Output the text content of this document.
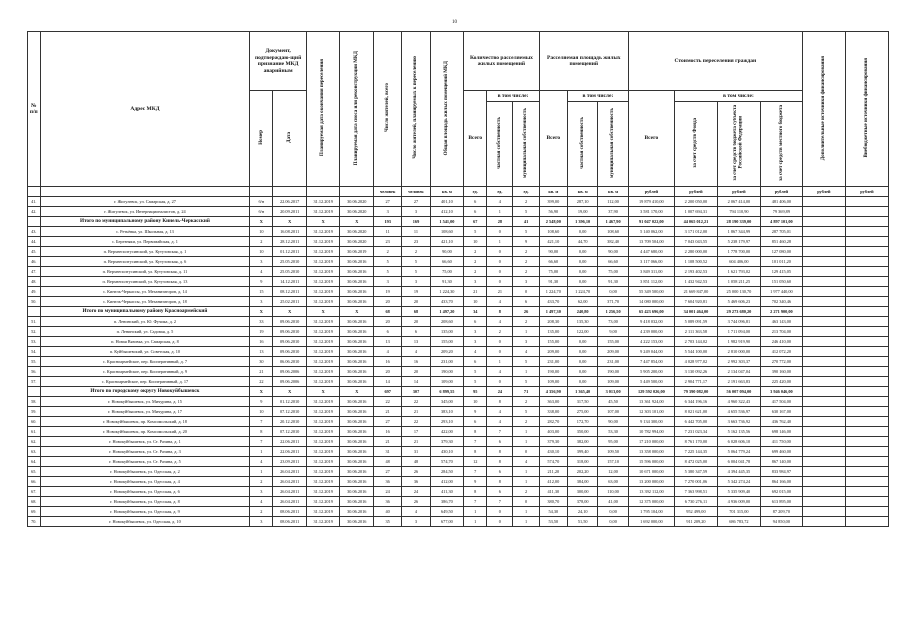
10
№ п/п	Адрес МКД	Документ, подтверждаю-щий признание МКД аварийным		Планируемая дата окончания переселения	Планируемая дата сноса или реконструкции МКД	Число жителей, всего	Число жителей, планируемых к переселению	Общая площадь жилых помещений МКД	Количество расселяемых жилых помещений			Расселяемая площадь жилых помещений			Стоимость переселения граждан				Дополнительные источники финансирования	Внебюджетные источники финансирования
		Номер	Дата						Всего	в том числе:		Всего	в том числе:		Всего	в том числе:				
										частная собственность	муниципальная собственность		частная собственность	муниципальная собственность		за счет средств Фонда	за счет средств бюджета субъекта Российской Федерации	за счет средств местного бюджета		
						человек	человек	кв. м	ед.	ед.	ед.	кв. м	кв. м	кв. м	рублей	рублей	рублей	рублей	рублей	рублей
41.	г. Жигулевск, ул. Самарская, д. 27	б/н	22.06.2017	31.12.2019	30.06.2020	27	27	401,10	6	4	2	399,00	287,10	112,00	19 879 410,00	2 200 050,00	2 067 414,00	481 406,00		
42.	г. Жигулевск, ул. Интернационалистов, д. 24	б/н	20.09.2011	31.12.2019	30.06.2020	3	3	412,10	6	1	5	56,90	19,00	37,90	3 581 170,00	1 007 694,31	794 110,90	79 369,89		
	Итого по муниципальному району Кинель-Черкасский	X	X	X	X	193	169	1 541,00	67	28	41	2 548,00	1 396,10	1 467,90	91 047 022,00	44 065 012,21	28 190 339,00	4 897 101,00		
43.	с. Ретьёвка, ул. Школьная, д. 13	10	16.08.2011	31.12.2019	30.06.2020	11	11	108,60	5	0	5	108,60	0,00	108,60	5 140 062,00	3 171 012,00	1 867 344,99	287 705,01		
44.	с. Березняки, ул. Первомайская, д. 1	2	28.12.2011	31.12.2019	30.06.2020	23	23	421,10	10	1	9	421,10	44,70	382,40	13 709 504,00	7 043 043,55	5 238 179,97	851 460,28		
45.	п. Верхнеполтусинский, ул. Кутузовская, д. 1	10	01.12.2011	31.12.2019	30.06.2019	2	2	90,00	2	0	2	90,00	0,00	90,00	4 447 680,00	2 280 000,00	1 778 700,00	127 080,00		
46.	п. Верхнеполтусинский, ул. Кутузовская, д. 6	3	25.05.2010	31.12.2019	30.06.2016	5	5	66,60	2	0	2	66,60	0,00	66,60	3 117 066,00	1 108 500,52	604 406,00	101 011,20		
47.	п. Верхнеполтусинский, ул. Кутузовская, д. 11	4	25.05.2010	31.12.2019	30.06.2016	5	5	75,00	2	0	2	75,00	0,00	75,00	3 849 311,00	2 193 402,53	1 621 793,02	129 415,05		
48.	п. Верхнеполтусинский, ул. Кутузовская, д. 13	9	14.12.2011	31.12.2019	30.06.2016	3	3	91,30	3	0	3	91,30	0,00	91,30	3 851 112,00	1 432 942,53	1 058 211,25	151 050,60		
49.	с. Кинель-Черкассы, ул. Механизаторов, д. 14	15	08.12.2011	31.12.2019	30.06.2016	19	19	1 224,30	21	21	0	1 224,70	1 224,70	0,00	55 349 500,00	21 669 847,00	25 000 130,70	1 977 440,00		
50.	с. Кинель-Черкассы, ул. Механизаторов, д. 18	3	25.02.2011	31.12.2019	30.06.2016	20	20	433,70	10	4	6	433,70	62,00	371,70	14 080 000,00	7 604 920,81	5 469 606,23	702 340,46		
	Итого по муниципальному району Красноармейский	X	X	X	X	68	68	1 497,20	34	8	26	1 497,30	240,80	1 256,50	65 423 696,00	34 001 464,00	29 273 680,20	2 271 900,00		
51.	п. Ленинский, ул. Ю. Фучика, д. 2	33	09.06.2010	31.12.2019	30.06.2016	20	20	208,60	6	4	2	208,30	135,30	73,00	9 418 032,00	5 089 091,59	3 744 096,81	463 143,00		
52.	п. Ленинский, ул. Садовая, д. 5	19	09.06.2010	31.12.2019	30.06.2016	6	6	135,00	3	2	1	135,00	122,00	9,00	4 239 000,00	2 111 363,58	1 711 094,00	213 704,00		
53.	п. Новая Вязовка, ул. Самарская, д. 8	16	09.06.2010	31.12.2019	30.06.2016	13	13	155,00	3	0	3	155,00	0,00	155,00	4 222 153,00	2 703 144,02	1 982 919,90	246 410,00		
54.	п. Куйбышевский, ул. Советская, д. 10	13	09.06.2010	31.12.2019	30.06.2016	4	4	209,20	4	0	4	209,00	0,00	209,00	9 249 044,00	5 544 100,00	2 810 000,00	412 072,20		
55.	с. Красноармейское, пер. Кооперативный, д. 7	30	06.06.2010	31.12.2019	30.06.2016	16	16	231,00	6	1	5	231,00	0,00	231,00	7 447 854,00	4 028 977,02	2 992 303,37	270 772,00		
56.	с. Красноармейское, пер. Кооперативный, д. 9	21	09.06.2006	31.12.2019	30.06.2016	20	20	190,00	5	4	1	190,00	0,00	190,00	5 905 200,00	3 130 092,26	2 134 047,04	390 160,00		
57.	с. Красноармейское, пер. Кооперативный, д. 17	22	09.06.2006	31.12.2019	30.06.2016	14	14	109,00	5	0	5	109,00	0,00	109,00	5 449 500,00	2 904 771,17	2 191 663,83	225 420,00		
	Итого по городскому округу Новокуйбышевск	X	X	X	X	697	307	6 899,55	95	24	71	4 356,90	1 365,40	3 013,00	129 592 026,00	79 390 082,00	56 007 094,00	3 946 046,00		
58.	г. Новокуйбышевск, ул. Мичурина, д. 15	9	01.12.2010	31.12.2019	30.06.2016	22	22	345,00	10	8	2	363,00	317,50	45,50	13 361 924,00	6 344 196,16	4 960 322,43	417 504,00		
59.	г. Новокуйбышевск, ул. Мичурина, д. 17	10	07.12.2010	31.12.2019	30.06.2016	21	21	383,10	9	4	5	338,00	275,00	107,00	12 303 101,00	8 021 621,00	4 655 536,97	630 167,00		
60.	г. Новокуйбышевск, пр. Комсомольский, д. 18	7	20.12.2010	31.12.2019	30.06.2016	27	22	293,10	6	4	2	282,70	172,70	90,00	9 134 300,00	6 442 705,00	3 663 736,92	436 762,40		
61.	г. Новокуйбышевск, пр. Комсомольский, д. 20	8	07.12.2010	31.12.2019	30.06.2016	16	17	422,00	8	7	1	403,00	350,00	53,30	10 782 994,00	7 231 023,34	5 162 135,56	698 146,00		
62.	г. Новокуйбышевск, ул. Ст. Разина, д. 1	7	22.06.2011	31.12.2019	30.06.2016	21	21	379,30	7	6	1	379,30	382,00	95,00	17 210 000,00	8 761 170,00	6 028 606,10	411 750,00		
63.	г. Новокуйбышевск, ул. Ст. Разина, д. 3	1	22.06.2011	31.12.2019	30.06.2016	31	31	430,10	8	8	0	430,10	399,40	109,50	13 358 000,00	7 225 144,35	5 064 779,24	699 460,00		
64.	г. Новокуйбышевск, ул. Ст. Разина, д. 5	4	23.09.2011	31.12.2019	30.06.2016	48	48	574,70	12	8	4	574,70	318,00	157,10	15 596 000,00	8 472 025,00	6 004 041,78	867 140,00		
65.	г. Новокуйбышевск, ул. Одесская, д. 2	1	26.04.2011	31.12.2019	30.06.2016	27	26	284,50	7	6	1	211,20	202,20	12,00	10 671 000,00	5 380 347,59	4 394 445,35	833 984,97		
66.	г. Новокуйбышевск, ул. Одесская, д. 4	2	26.04.2011	31.12.2019	30.06.2016	36	36	412,00	9	8	1	412,00	384,00	63,00	13 200 000,00	7 270 001,06	5 342 274,24	864 166,00		
67.	г. Новокуйбышевск, ул. Одесская, д. 6	3	26.04.2011	31.12.2019	30.06.2016	24	24	411,30	8	6	2	411,30	300,00	110,00	13 392 112,00	7 363 998,51	5 335 909,40	692 015,00		
68.	г. Новокуйбышевск, ул. Одесская, д. 8	4	26.04.2011	31.12.2019	30.06.2016	36	26	386,70	7	7	0	380,70	378,00	41,00	12 375 000,00	6 730 276,11	4 936 009,00	613 895,00		
69.	г. Новокуйбышевск, ул. Одесская, д. 9	2	08.06.2011	31.12.2019	30.06.2016	40	4	649,50	1	0	1	54,30	24,10	0,00	1 795 104,00	952 499,00	701 315,00	87 209,70		
70.	г. Новокуйбышевск, ул. Одесская, д. 10	3	08.06.2011	31.12.2019	30.06.2016	35	3	677,00	1	0	1	53,50	51,50	0,00	1 692 000,00	911 209,20	686 783,72	94 850,00		
